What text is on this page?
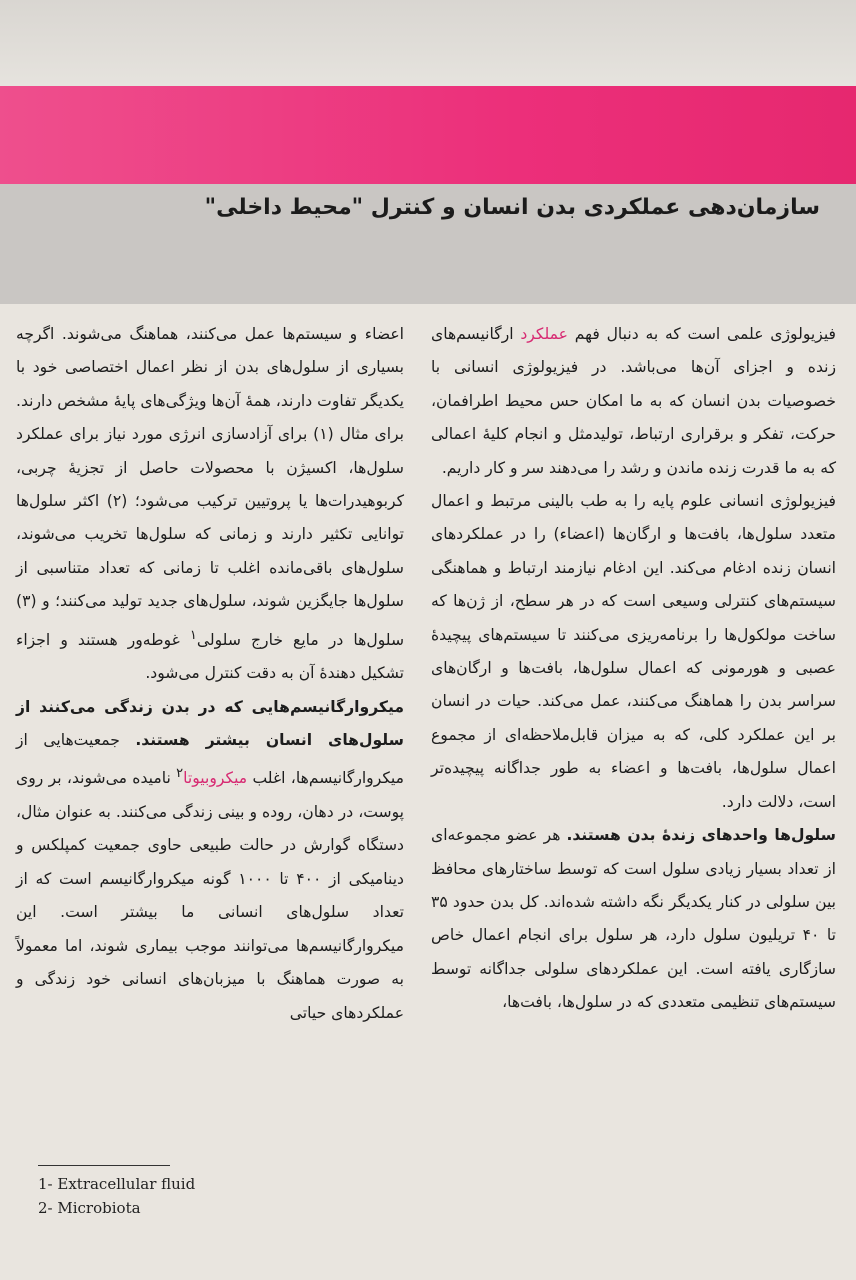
سازمان‌دهی عملکردی بدن انسان و کنترل "محیط داخلی"

فیزیولوژی علمی است که به دنبال فهم عملکرد ارگانیسم‌های زنده و اجزای آن‌ها می‌باشد. در فیزیولوژی انسانی با خصوصیات بدن انسان که به ما امکان حس محیط اطرافمان، حرکت، تفکر و برقراری ارتباط، تولیدمثل و انجام کلیهٔ اعمالی که به ما قدرت زنده ماندن و رشد را می‌دهند سر و کار داریم.

فیزیولوژی انسانی علوم پایه را به طب بالینی مرتبط و اعمال متعدد سلول‌ها، بافت‌ها و ارگان‌ها (اعضاء) را در عملکردهای انسان زنده ادغام می‌کند. این ادغام نیازمند ارتباط و هماهنگی سیستم‌های کنترلی وسیعی است که در هر سطح، از ژن‌ها که ساخت مولکول‌ها را برنامه‌ریزی می‌کنند تا سیستم‌های پیچیدهٔ عصبی و هورمونی که اعمال سلول‌ها، بافت‌ها و ارگان‌های سراسر بدن را هماهنگ می‌کنند، عمل می‌کند. حیات در انسان بر این عملکرد کلی، که به میزان قابل‌ملاحظه‌ای از مجموع اعمال سلول‌ها، بافت‌ها و اعضاء به طور جداگانه پیچیده‌تر است، دلالت دارد.

سلول‌ها واحدهای زندهٔ بدن هستند. هر عضو مجموعه‌ای از تعداد بسیار زیادی سلول است که توسط ساختارهای محافظ بین سلولی در کنار یکدیگر نگه داشته شده‌اند. کل بدن حدود ۳۵ تا ۴۰ تریلیون سلول دارد، هر سلول برای انجام اعمال خاص سازگاری یافته است. این عملکردهای سلولی جداگانه توسط سیستم‌های تنظیمی متعددی که در سلول‌ها، بافت‌ها،

اعضاء و سیستم‌ها عمل می‌کنند، هماهنگ می‌شوند. اگرچه بسیاری از سلول‌های بدن از نظر اعمال اختصاصی خود با یکدیگر تفاوت دارند، همهٔ آن‌ها ویژگی‌های پایهٔ مشخص دارند. برای مثال (۱) برای آزادسازی انرژی مورد نیاز برای عملکرد سلول‌ها، اکسیژن با محصولات حاصل از تجزیهٔ چربی، کربوهیدرات‌ها یا پروتیین ترکیب می‌شود؛ (۲) اکثر سلول‌ها توانایی تکثیر دارند و زمانی که سلول‌ها تخریب می‌شوند، سلول‌های باقی‌مانده اغلب تا زمانی که تعداد متناسبی از سلول‌ها جایگزین شوند، سلول‌های جدید تولید می‌کنند؛ و (۳) سلول‌ها در مایع خارج سلولی$^۱$ غوطه‌ور هستند و اجزاء تشکیل دهندهٔ آن به دقت کنترل می‌شود.

میکروارگانیسم‌هایی که در بدن زندگی می‌کنند از سلول‌های انسان بیشتر هستند. جمعیت‌هایی از میکروارگانیسم‌ها، اغلب میکروبیوتا$^۲$ نامیده می‌شوند، بر روی پوست، در دهان، روده و بینی زندگی می‌کنند. به عنوان مثال، دستگاه گوارش در حالت طبیعی حاوی جمعیت کمپلکس و دینامیکی از ۴۰۰ تا ۱۰۰۰ گونه میکروارگانیسم است که از تعداد سلول‌های انسانی ما بیشتر است. این میکروارگانیسم‌ها می‌توانند موجب بیماری شوند، اما معمولاً به صورت هماهنگ با میزبان‌های انسانی خود زندگی و عملکردهای حیاتی

1- Extracellular fluid
2- Microbiota
